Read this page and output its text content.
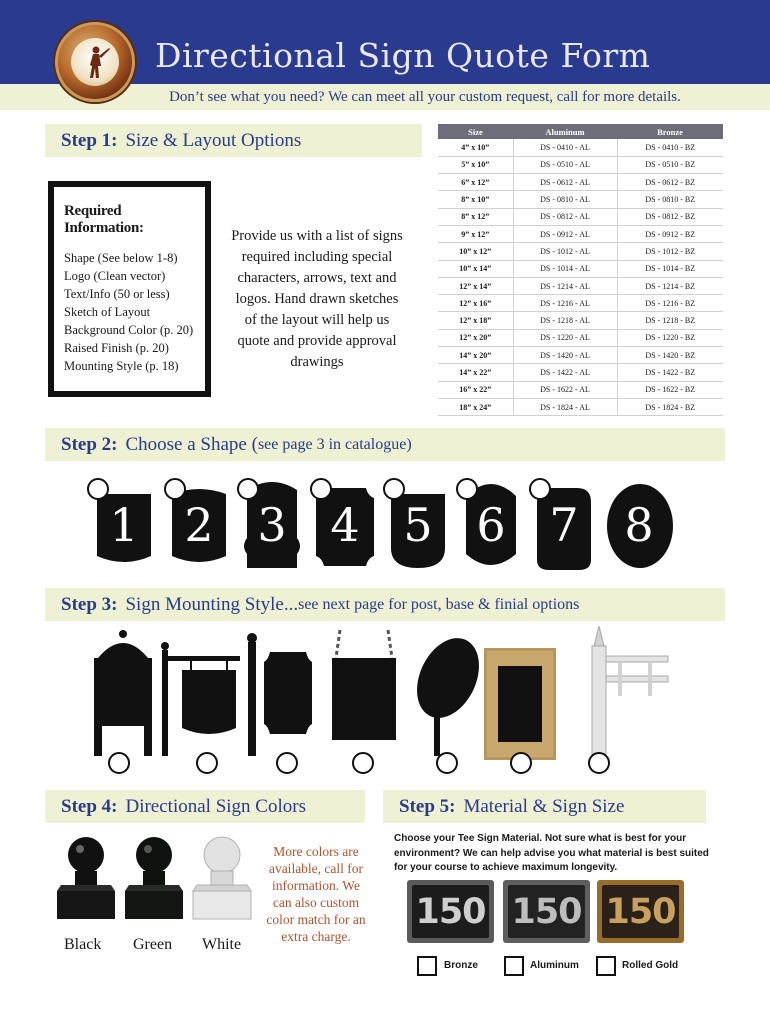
Directional Sign Quote Form
Don’t see what you need? We can meet all your custom request, call for more details.
Step 1: Size & Layout Options
Required Information:
Shape (See below 1-8)
Logo (Clean vector)
Text/Info (50 or less)
Sketch of Layout
Background Color (p. 20)
Raised Finish (p. 20)
Mounting Style (p. 18)
Provide us with a list of signs required including special characters, arrows, text and logos. Hand drawn sketches of the layout will help us quote and provide approval drawings
Size	Aluminum	Bronze
4” x 10”	DS - 0410 - AL	DS - 0410 - BZ
5” x 10”	DS - 0510 - AL	DS - 0510 - BZ
6” x 12”	DS - 0612 - AL	DS - 0612 - BZ
8” x 10”	DS - 0810 - AL	DS - 0810 - BZ
8” x 12”	DS - 0812 - AL	DS - 0812 - BZ
9” x 12”	DS - 0912 - AL	DS - 0912 - BZ
10” x 12”	DS - 1012 - AL	DS - 1012 - BZ
10” x 14”	DS - 1014 - AL	DS - 1014 - BZ
12” x 14”	DS - 1214 - AL	DS - 1214 - BZ
12” x 16”	DS - 1216 - AL	DS - 1216 - BZ
12” x 18”	DS - 1218 - AL	DS - 1218 - BZ
12” x 20”	DS - 1220 - AL	DS - 1220 - BZ
14” x 20”	DS - 1420 - AL	DS - 1420 - BZ
14” x 22”	DS - 1422 - AL	DS - 1422 - BZ
16” x 22”	DS - 1622 - AL	DS - 1622 - BZ
18” x 24”	DS - 1824 - AL	DS - 1824 - BZ
Step 2: Choose a Shape ( see page 3 in catalogue)
1 2 3 4 5 6 7 8
Step 3: Sign Mounting Style... see next page for post, base & finial options
Step 4: Directional Sign Colors
Black Green White
More colors are available, call for information. We can also custom color match for an extra charge.
Step 5: Material & Sign Size
Choose your Tee Sign Material. Not sure what is best for your environment? We can help advise you what material is best suited for your course to achieve maximum longevity.
150 150 150
Bronze	Aluminum	Rolled Gold
